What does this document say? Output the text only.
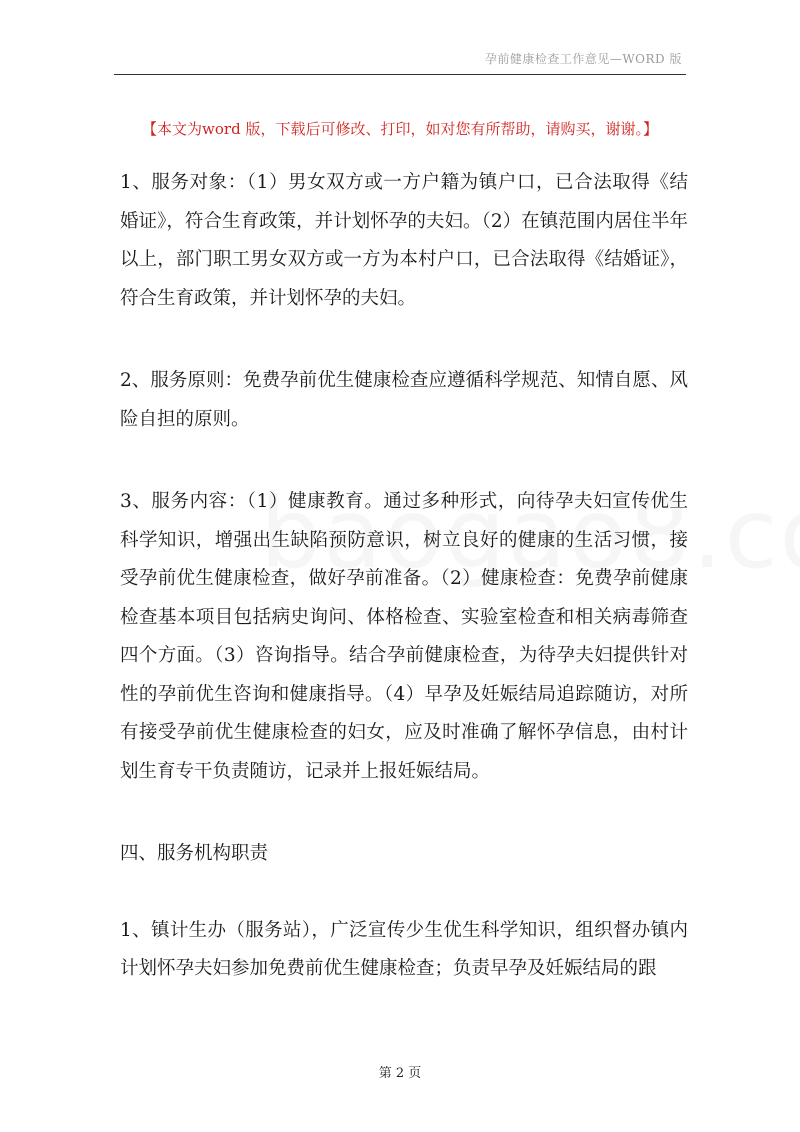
孕前健康检查工作意见—WORD 版
【本文为word 版，下载后可修改、打印，如对您有所帮助，请购买，谢谢。】

1、服务对象：（1）男女双方或一方户籍为镇户口，已合法取得《结婚证》，符合生育政策，并计划怀孕的夫妇。（2）在镇范围内居住半年以上，部门职工男女双方或一方为本村户口，已合法取得《结婚证》，符合生育政策，并计划怀孕的夫妇。

2、服务原则：免费孕前优生健康检查应遵循科学规范、知情自愿、风险自担的原则。

3、服务内容：（1）健康教育。通过多种形式，向待孕夫妇宣传优生科学知识，增强出生缺陷预防意识，树立良好的健康的生活习惯，接受孕前优生健康检查，做好孕前准备。（2）健康检查：免费孕前健康检查基本项目包括病史询问、体格检查、实验室检查和相关病毒筛查四个方面。（3）咨询指导。结合孕前健康检查，为待孕夫妇提供针对性的孕前优生咨询和健康指导。（4）早孕及妊娠结局追踪随访，对所有接受孕前优生健康检查的妇女，应及时准确了解怀孕信息，由村计划生育专干负责随访，记录并上报妊娠结局。

四、服务机构职责

1、镇计生办（服务站），广泛宣传少生优生科学知识，组织督办镇内计划怀孕夫妇参加免费前优生健康检查；负责早孕及妊娠结局的跟

第 2 页
